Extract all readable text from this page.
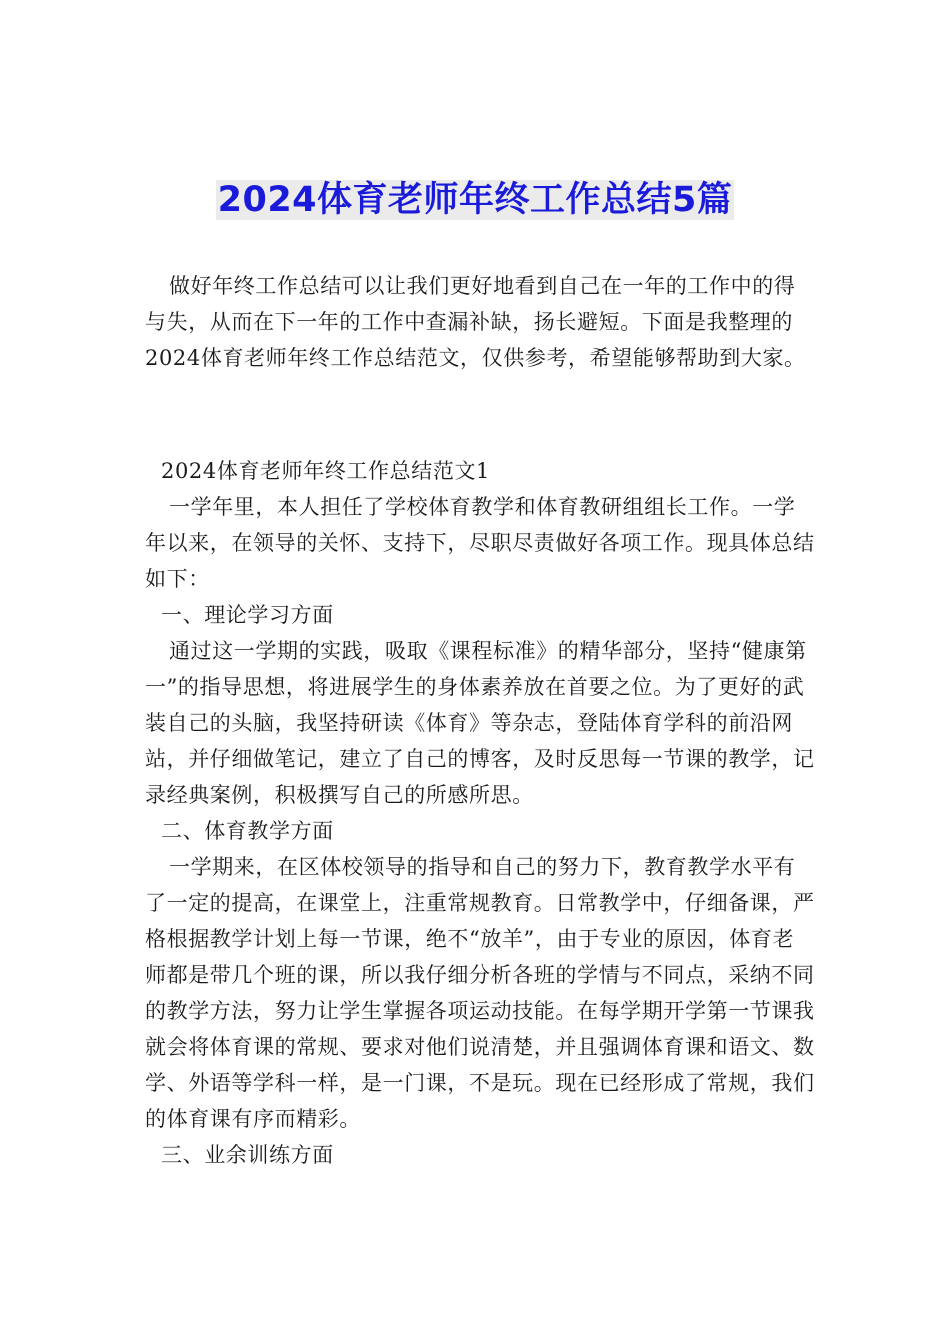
2024体育老师年终工作总结5篇

做好年终工作总结可以让我们更好地看到自己在一年的工作中的得与失，从而在下一年的工作中查漏补缺，扬长避短。下面是我整理的2024体育老师年终工作总结范文，仅供参考，希望能够帮助到大家。

2024体育老师年终工作总结范文1

一学年里，本人担任了学校体育教学和体育教研组组长工作。一学年以来，在领导的关怀、支持下，尽职尽责做好各项工作。现具体总结如下：

一、理论学习方面

通过这一学期的实践，吸取《课程标准》的精华部分，坚持“健康第一”的指导思想，将进展学生的身体素养放在首要之位。为了更好的武装自己的头脑，我坚持研读《体育》等杂志，登陆体育学科的前沿网站，并仔细做笔记，建立了自己的博客，及时反思每一节课的教学，记录经典案例，积极撰写自己的所感所思。

二、体育教学方面

一学期来，在区体校领导的指导和自己的努力下，教育教学水平有了一定的提高，在课堂上，注重常规教育。日常教学中，仔细备课，严格根据教学计划上每一节课，绝不“放羊”，由于专业的原因，体育老师都是带几个班的课，所以我仔细分析各班的学情与不同点，采纳不同的教学方法，努力让学生掌握各项运动技能。在每学期开学第一节课我就会将体育课的常规、要求对他们说清楚，并且强调体育课和语文、数学、外语等学科一样，是一门课，不是玩。现在已经形成了常规，我们的体育课有序而精彩。

三、业余训练方面
